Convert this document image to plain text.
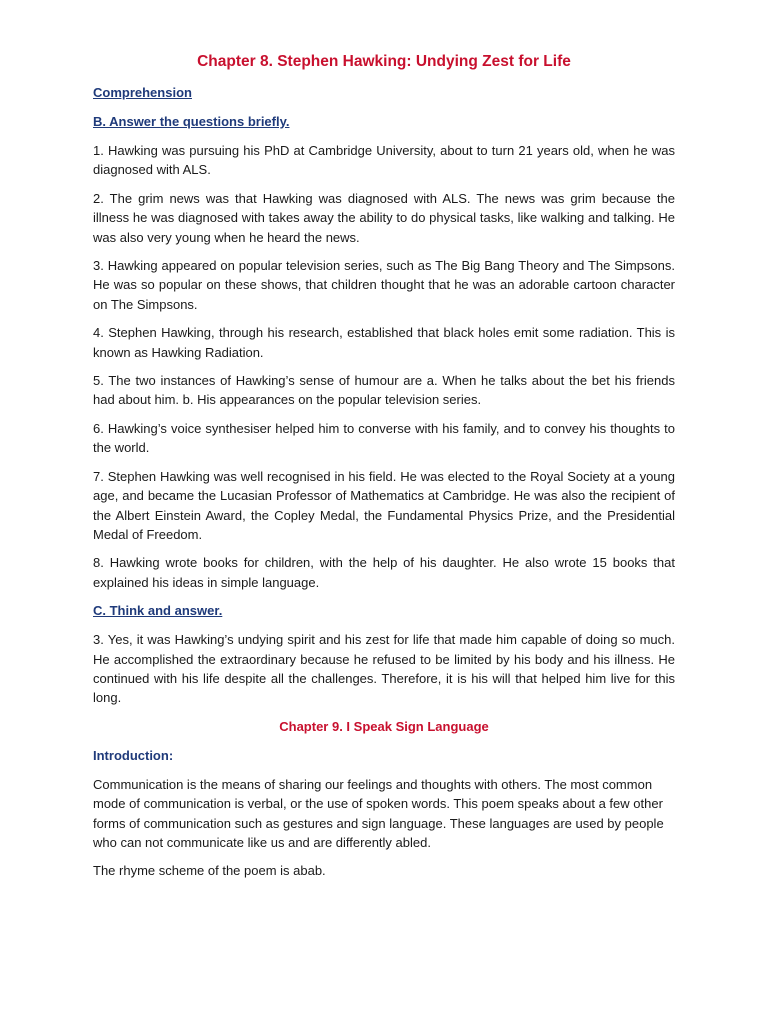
Chapter 8. Stephen Hawking: Undying Zest for Life
Comprehension
B. Answer the questions briefly.

1. Hawking was pursuing his PhD at Cambridge University, about to turn 21 years old, when he was diagnosed with ALS.

2. The grim news was that Hawking was diagnosed with ALS. The news was grim because the illness he was diagnosed with takes away the ability to do physical tasks, like walking and talking. He was also very young when he heard the news.

3. Hawking appeared on popular television series, such as The Big Bang Theory and The Simpsons. He was so popular on these shows, that children thought that he was an adorable cartoon character on The Simpsons.

4. Stephen Hawking, through his research, established that black holes emit some radiation. This is known as Hawking Radiation.

5. The two instances of Hawking’s sense of humour are a. When he talks about the bet his friends had about him. b. His appearances on the popular television series.

6. Hawking’s voice synthesiser helped him to converse with his family, and to convey his thoughts to the world.

7. Stephen Hawking was well recognised in his field. He was elected to the Royal Society at a young age, and became the Lucasian Professor of Mathematics at Cambridge. He was also the recipient of the Albert Einstein Award, the Copley Medal, the Fundamental Physics Prize, and the Presidential Medal of Freedom.

8. Hawking wrote books for children, with the help of his daughter. He also wrote 15 books that explained his ideas in simple language.

C. Think and answer.

3. Yes, it was Hawking’s undying spirit and his zest for life that made him capable of doing so much. He accomplished the extraordinary because he refused to be limited by his body and his illness. He continued with his life despite all the challenges. Therefore, it is his will that helped him live for this long.

Chapter 9. I Speak Sign Language
Introduction:

Communication is the means of sharing our feelings and thoughts with others. The most common mode of communication is verbal, or the use of spoken words. This poem speaks about a few other forms of communication such as gestures and sign language. These languages are used by people who can not communicate like us and are differently abled.

The rhyme scheme of the poem is abab.
